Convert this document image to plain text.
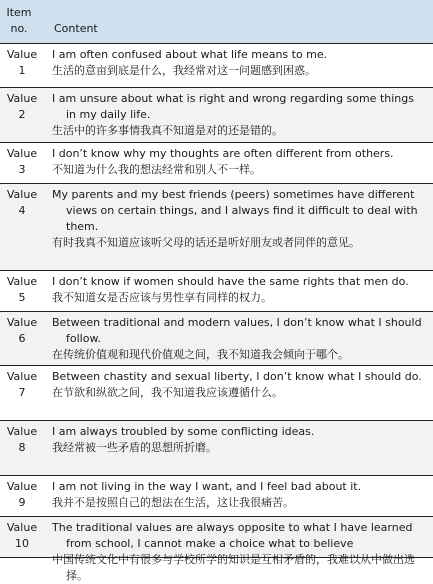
Item
no.	Content
Value
1
I am often confused about what life means to me.
生活的意亩到底是什么，我经常对这一问题感到困惑。
Value
2
I am unsure about what is right and wrong regarding some things in my daily life.
生活中的许多事情我真不知道是对的还是错的。
Value
3
I don’t know why my thoughts are often different from others.
不知道为什么我的想法经常和别人不一样。
Value
4
My parents and my best friends (peers) sometimes have different views on certain things, and I always find it difficult to deal with them.
有时我真不知道应该听父母的话还是听好朋友或者同伴的意见。
Value
5
I don’t know if women should have the same rights that men do.
我不知道女是否应该与男性享有同样的权力。
Value
6
Between traditional and modern values, I don’t know what I should follow.
在传统价值观和现代价值观之间，我不知道我会倾向于哪个。
Value
7
Between chastity and sexual liberty, I don’t know what I should do.
在节欲和纵欲之间，我不知道我应该遵循什么。
Value
8
I am always troubled by some conflicting ideas.
我经常被一些矛盾的思想所折磨。
Value
9
I am not living in the way I want, and I feel bad about it.
我并不是按照自己的想法在生活，这让我很痛苦。
Value
10
The traditional values are always opposite to what I have learned from school, I cannot make a choice what to believe
中国传统文化中有很多与学校所学的知识是互相矛盾的，我难以从中做出选择。
